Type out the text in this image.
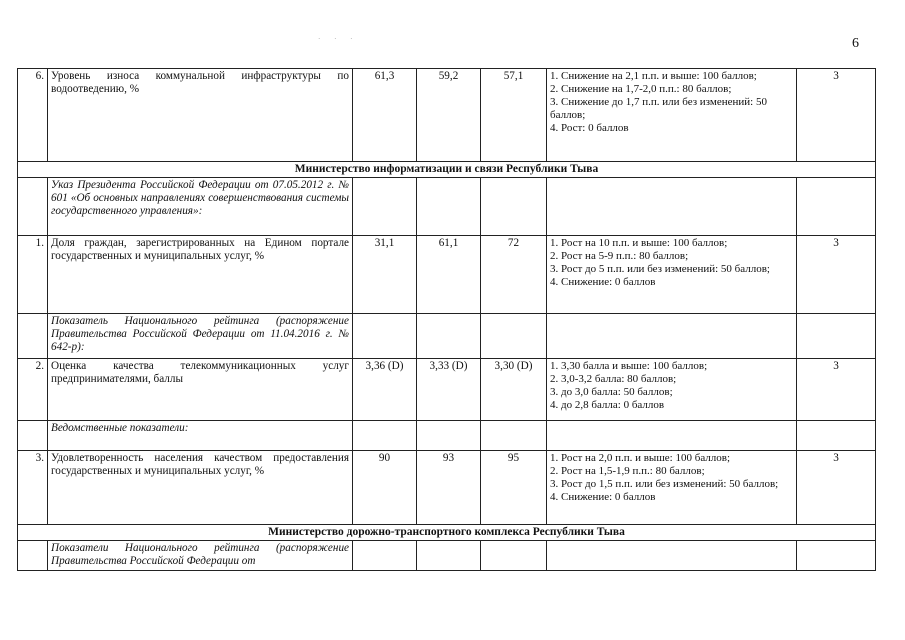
6
· · ·
6.	Уровень износа коммунальной инфраструктуры по водоотведению, %	61,3	59,2	57,1	1. Снижение на 2,1 п.п. и выше: 100 баллов;
2. Снижение на 1,7-2,0 п.п.: 80 баллов;
3. Снижение до 1,7 п.п. или без изменений: 50 баллов;
4. Рост: 0 баллов	3
Министерство информатизации и связи Республики Тыва						
	Указ Президента Российской Федерации от 07.05.2012 г. № 601 «Об основных направлениях совершенствования системы государственного управления»:					
1.	Доля граждан, зарегистрированных на Едином портале государственных и муниципальных услуг, %	31,1	61,1	72	1. Рост на 10 п.п. и выше: 100 баллов;
2. Рост на 5-9 п.п.: 80 баллов;
3. Рост до 5 п.п. или без изменений: 50 баллов;
4. Снижение: 0 баллов	3
	Показатель Национального рейтинга (распоряжение Правительства Российской Федерации от 11.04.2016 г. № 642-р):					
2.	Оценка качества телекоммуникационных услуг предпринимателями, баллы	3,36 (D)	3,33 (D)	3,30 (D)	1. 3,30 балла и выше: 100 баллов;
2. 3,0-3,2 балла: 80 баллов;
3. до 3,0 балла: 50 баллов;
4. до 2,8 балла: 0 баллов	3
	Ведомственные показатели:					
3.	Удовлетворенность населения качеством предоставления государственных и муниципальных услуг, %	90	93	95	1. Рост на 2,0 п.п. и выше: 100 баллов;
2. Рост на 1,5-1,9 п.п.: 80 баллов;
3. Рост до 1,5 п.п. или без изменений: 50 баллов;
4. Снижение: 0 баллов	3
Министерство дорожно-транспортного комплекса Республики Тыва						
	Показатели Национального рейтинга (распоряжение Правительства Российской Федерации от					
